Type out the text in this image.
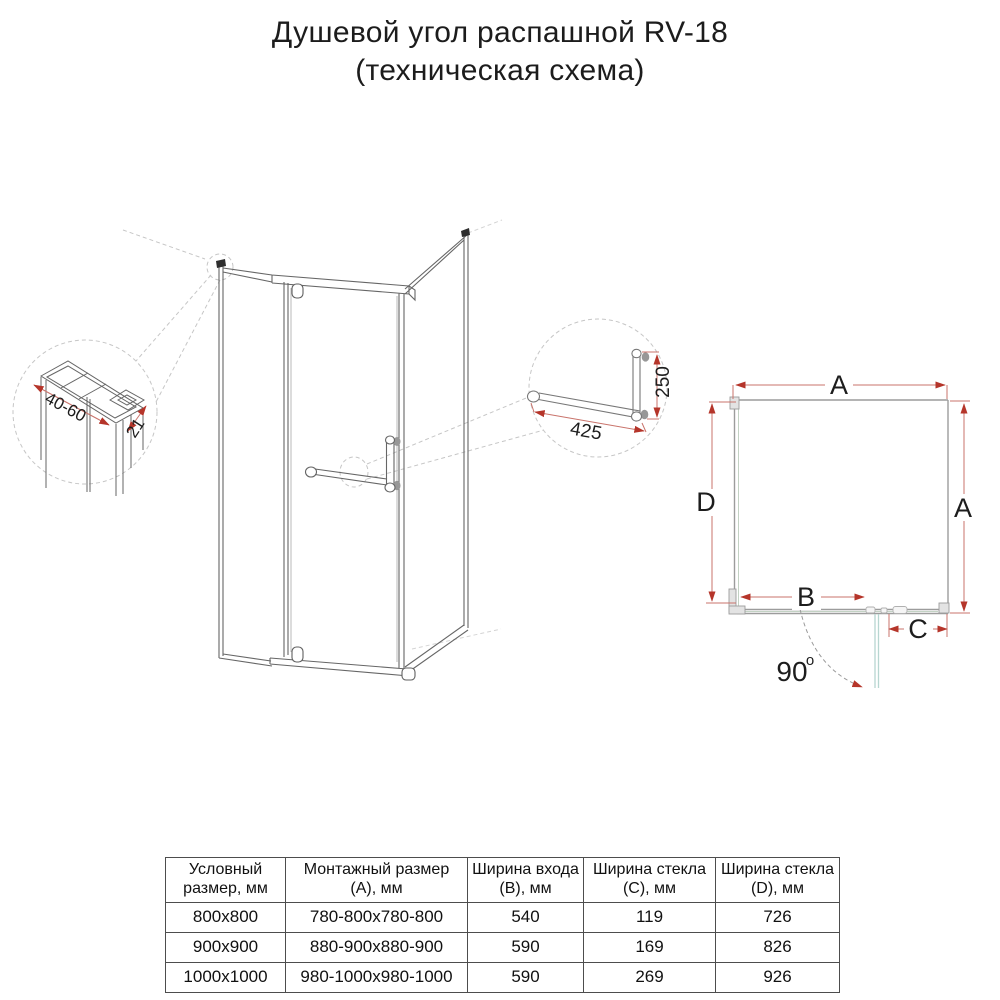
Душевой угол распашной RV-18
(техническая схема)
40-60
21	425
250	A
D	A
B
C
90
o
Условный размер, мм	Монтажный размер (A), мм	Ширина входа (B), мм	Ширина стекла (C), мм	Ширина стекла (D), мм
800x800	780-800x780-800	540	119	726
900x900	880-900x880-900	590	169	826
1000x1000	980-1000x980-1000	590	269	926
